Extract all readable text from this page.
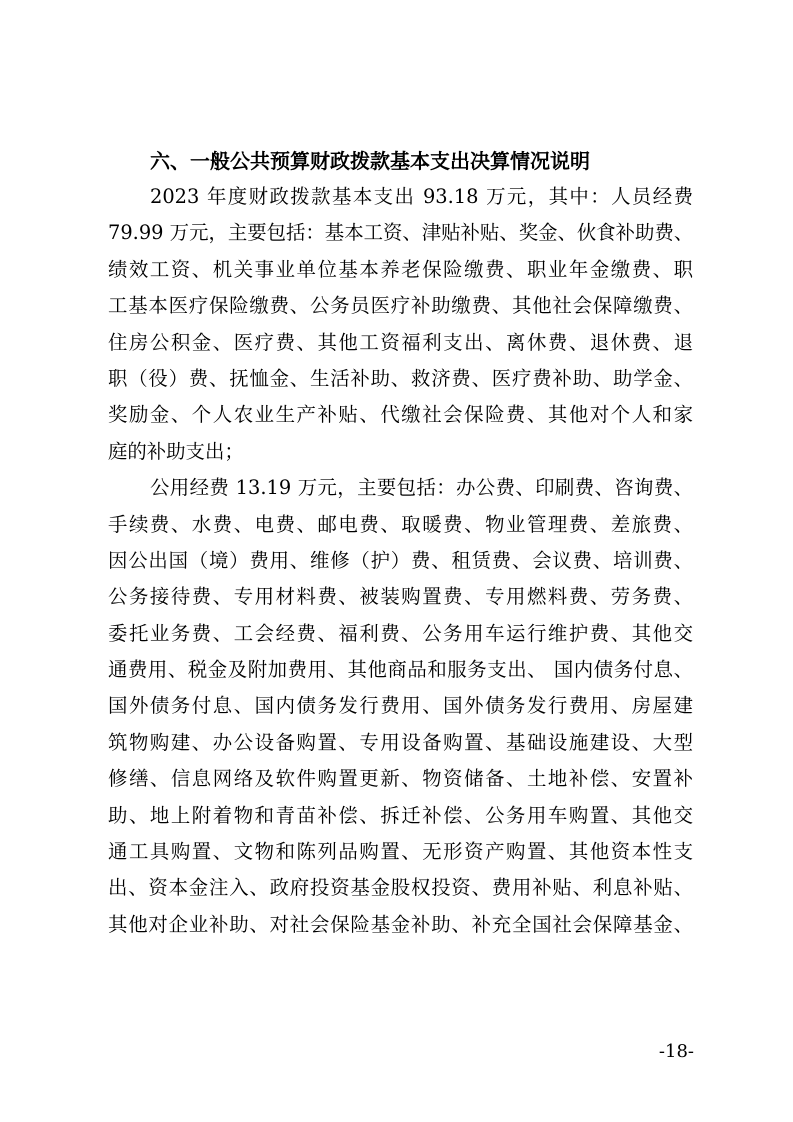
六、一般公共预算财政拨款基本支出决算情况说明

2023 年度财政拨款基本支出 93.18 万元，其中：人员经费
79.99 万元，主要包括：基本工资、津贴补贴、奖金、伙食补助费、
绩效工资、机关事业单位基本养老保险缴费、职业年金缴费、职
工基本医疗保险缴费、公务员医疗补助缴费、其他社会保障缴费、
住房公积金、医疗费、其他工资福利支出、离休费、退休费、退
职（役）费、抚恤金、生活补助、救济费、医疗费补助、助学金、
奖励金、个人农业生产补贴、代缴社会保险费、其他对个人和家
庭的补助支出；

公用经费 13.19 万元，主要包括：办公费、印刷费、咨询费、
手续费、水费、电费、邮电费、取暖费、物业管理费、差旅费、
因公出国（境）费用、维修（护）费、租赁费、会议费、培训费、
公务接待费、专用材料费、被装购置费、专用燃料费、劳务费、
委托业务费、工会经费、福利费、公务用车运行维护费、其他交
通费用、税金及附加费用、其他商品和服务支出、 国内债务付息、
国外债务付息、国内债务发行费用、国外债务发行费用、房屋建
筑物购建、办公设备购置、专用设备购置、基础设施建设、大型
修缮、信息网络及软件购置更新、物资储备、土地补偿、安置补
助、地上附着物和青苗补偿、拆迁补偿、公务用车购置、其他交
通工具购置、文物和陈列品购置、无形资产购置、其他资本性支
出、资本金注入、政府投资基金股权投资、费用补贴、利息补贴、
其他对企业补助、对社会保险基金补助、补充全国社会保障基金、

-18-
